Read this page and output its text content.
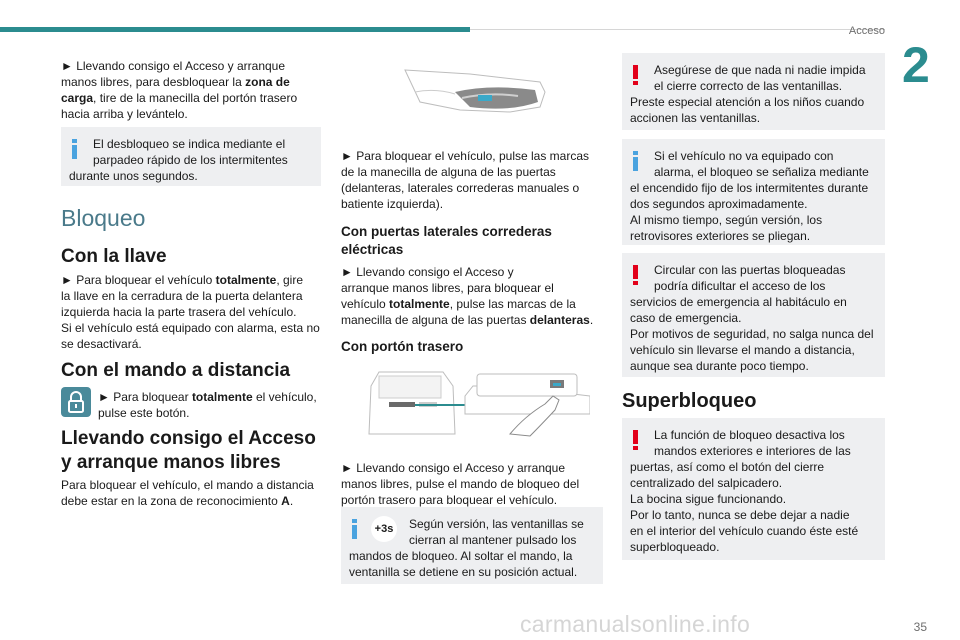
Acceso
2

► Llevando consigo el Acceso y arranque

manos libres, para desbloquear la zona de

carga, tire de la manecilla del portón trasero

hacia arriba y levántelo.

El desbloqueo se indica mediante el

parpadeo rápido de los intermitentes

durante unos segundos.

Bloqueo
Con la llave

► Para bloquear el vehículo totalmente, gire

la llave en la cerradura de la puerta delantera

izquierda hacia la parte trasera del vehículo.

Si el vehículo está equipado con alarma, esta no

se desactivará.

Con el mando a distancia

► Para bloquear totalmente el vehículo,

pulse este botón.

Llevando consigo el Acceso
y arranque manos libres

Para bloquear el vehículo, el mando a distancia

debe estar en la zona de reconocimiento A.

► Para bloquear el vehículo, pulse las marcas

de la manecilla de alguna de las puertas

(delanteras, laterales correderas manuales o

batiente izquierda).

Con puertas laterales correderas
eléctricas

► Llevando consigo el Acceso y

arranque manos libres, para bloquear el

vehículo totalmente, pulse las marcas de la

manecilla de alguna de las puertas delanteras.

Con portón trasero

► Llevando consigo el Acceso y arranque

manos libres, pulse el mando de bloqueo del

portón trasero para bloquear el vehículo.

+3s	Según versión, las ventanillas se

cierran al mantener pulsado los

mandos de bloqueo. Al soltar el mando, la

ventanilla se detiene en su posición actual.

Asegúrese de que nada ni nadie impida

el cierre correcto de las ventanillas.

Preste especial atención a los niños cuando

accionen las ventanillas.

Si el vehículo no va equipado con

alarma, el bloqueo se señaliza mediante

el encendido fijo de los intermitentes durante

dos segundos aproximadamente.

Al mismo tiempo, según versión, los

retrovisores exteriores se pliegan.

Circular con las puertas bloqueadas

podría dificultar el acceso de los

servicios de emergencia al habitáculo en

caso de emergencia.

Por motivos de seguridad, no salga nunca del

vehículo sin llevarse el mando a distancia,

aunque sea durante poco tiempo.

Superbloqueo

La función de bloqueo desactiva los

mandos exteriores e interiores de las

puertas, así como el botón del cierre

centralizado del salpicadero.

La bocina sigue funcionando.

Por lo tanto, nunca se debe dejar a nadie

en el interior del vehículo cuando éste esté

superbloqueado.

carmanualsonline.info	35
